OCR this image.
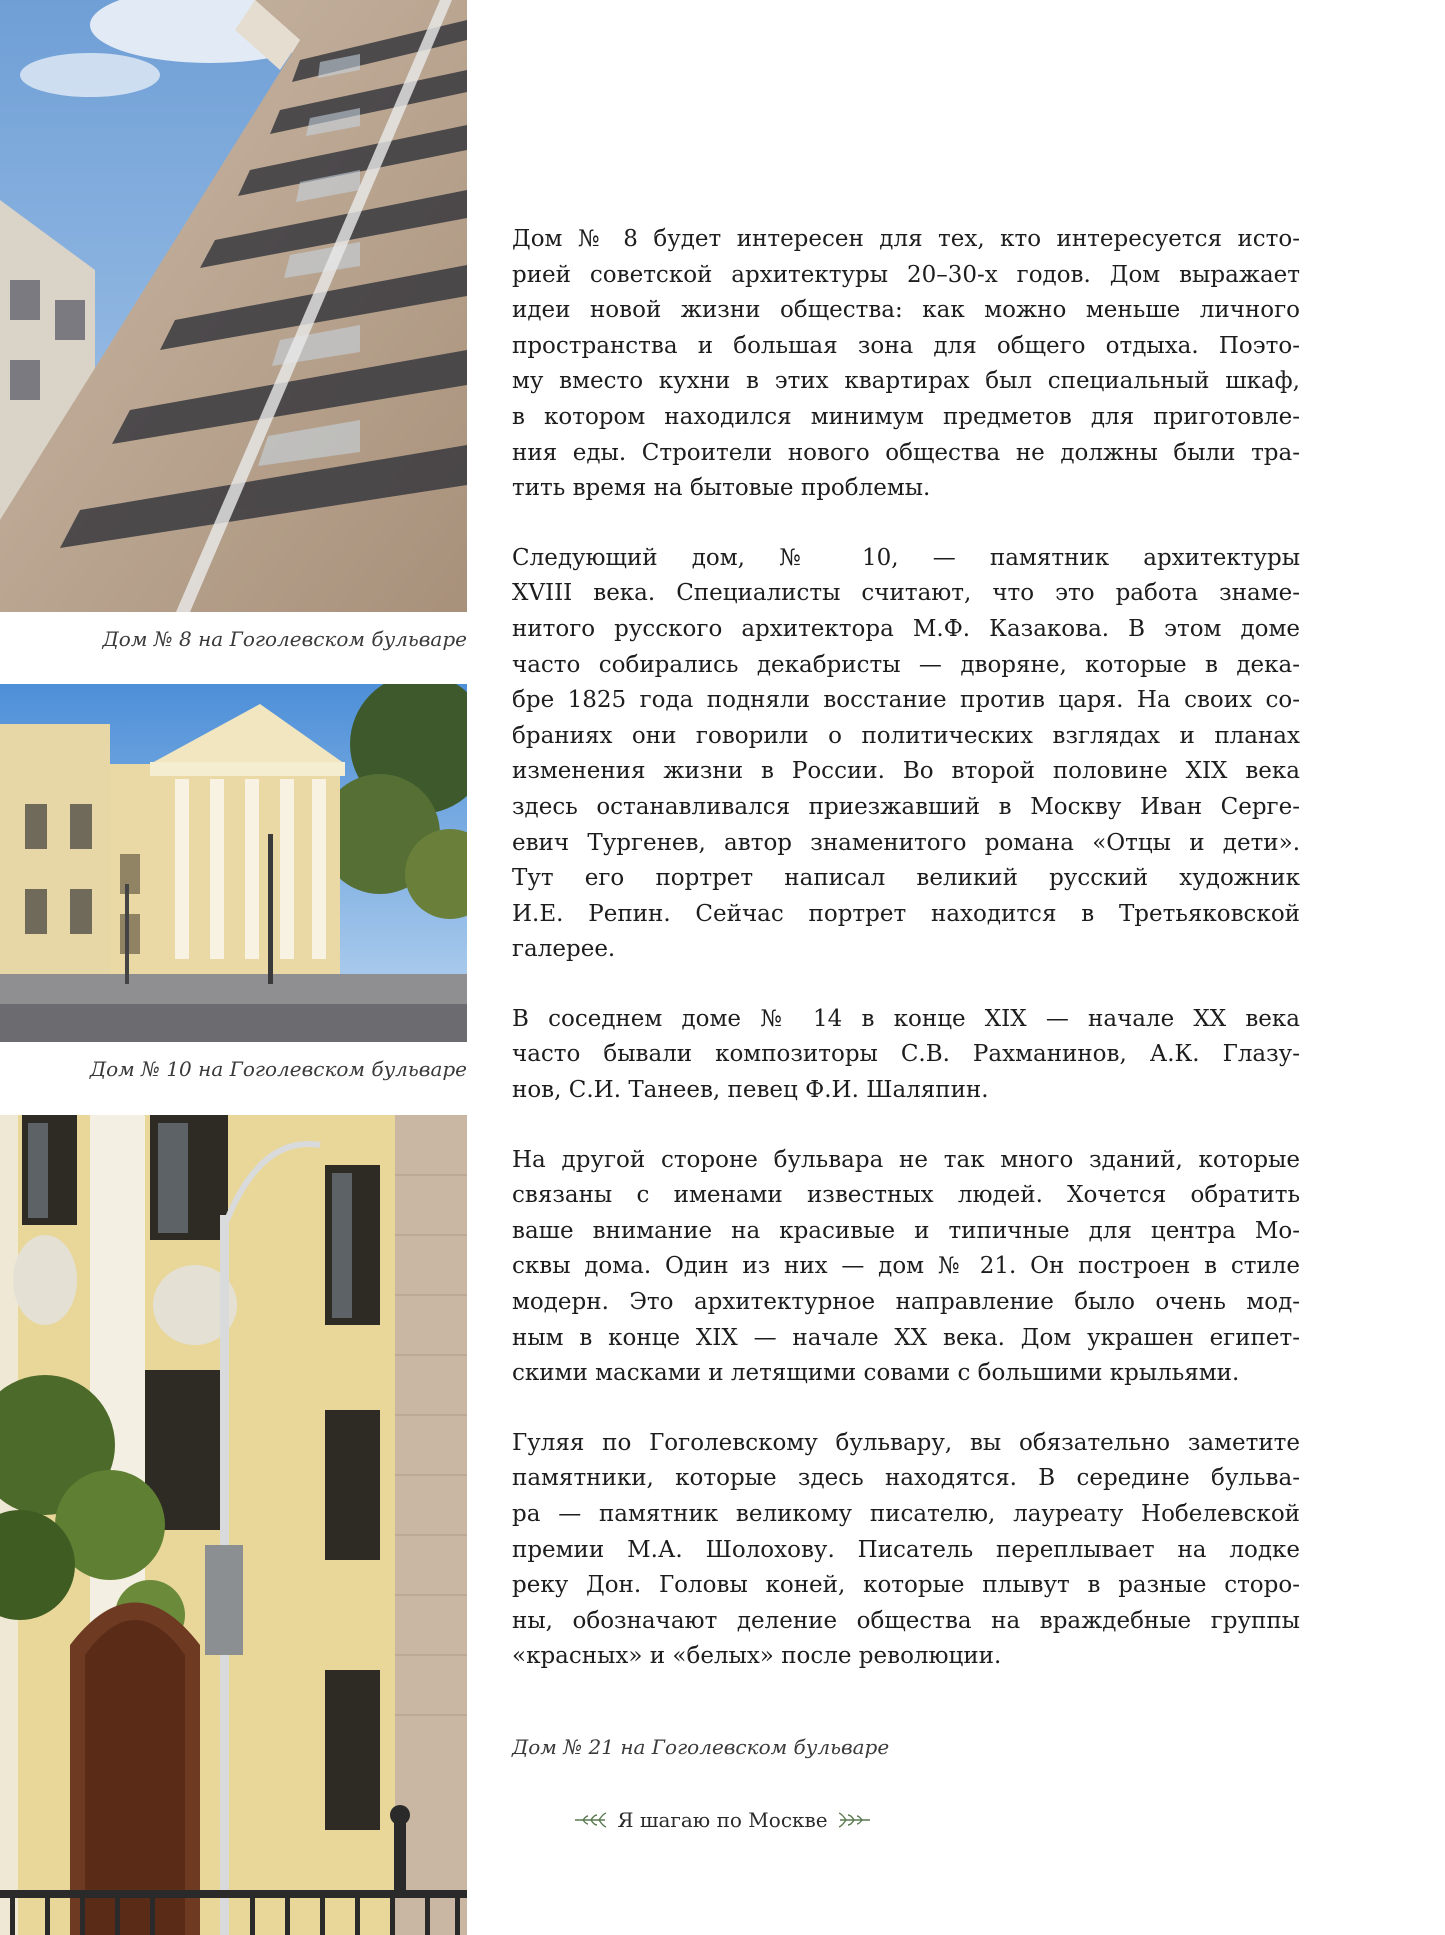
Дом № 8 на Гоголевском бульваре
Дом № 10 на Гоголевском бульваре

Дом № 8 будет интересен для тех, кто интересуется исто-
рией советской архитектуры 20–30-х годов. Дом выражает
идеи новой жизни общества: как можно меньше личного
пространства и большая зона для общего отдыха. Поэто-
му вместо кухни в этих квартирах был специальный шкаф,
в котором находился минимум предметов для приготовле-
ния еды. Строители нового общества не должны были тра-
тить время на бытовые проблемы.

Следующий дом, № 10, — памятник архитектуры
XVIII века. Специалисты считают, что это работа знаме-
нитого русского архитектора М.Ф. Казакова. В этом доме
часто собирались декабристы — дворяне, которые в дека-
бре 1825 года подняли восстание против царя. На своих со-
браниях они говорили о политических взглядах и планах
изменения жизни в России. Во второй половине XIX века
здесь останавливался приезжавший в Москву Иван Серге-
евич Тургенев, автор знаменитого романа «Отцы и дети».
Тут его портрет написал великий русский художник
И.Е. Репин. Сейчас портрет находится в Третьяковской
галерее.

В соседнем доме № 14 в конце XIX — начале XX века
часто бывали композиторы С.В. Рахманинов, А.К. Глазу-
нов, С.И. Танеев, певец Ф.И. Шаляпин.

На другой стороне бульвара не так много зданий, которые
связаны с именами известных людей. Хочется обратить
ваше внимание на красивые и типичные для центра Мо-
сквы дома. Один из них — дом № 21. Он построен в стиле
модерн. Это архитектурное направление было очень мод-
ным в конце XIX — начале XX века. Дом украшен египет-
скими масками и летящими совами с большими крыльями.

Гуляя по Гоголевскому бульвару, вы обязательно заметите
памятники, которые здесь находятся. В середине бульва-
ра — памятник великому писателю, лауреату Нобелевской
премии М.А. Шолохову. Писатель переплывает на лодке
реку Дон. Головы коней, которые плывут в разные сторо-
ны, обозначают деление общества на враждебные группы
«красных» и «белых» после революции.

Дом № 21 на Гоголевском бульваре
Я шагаю по Москве
